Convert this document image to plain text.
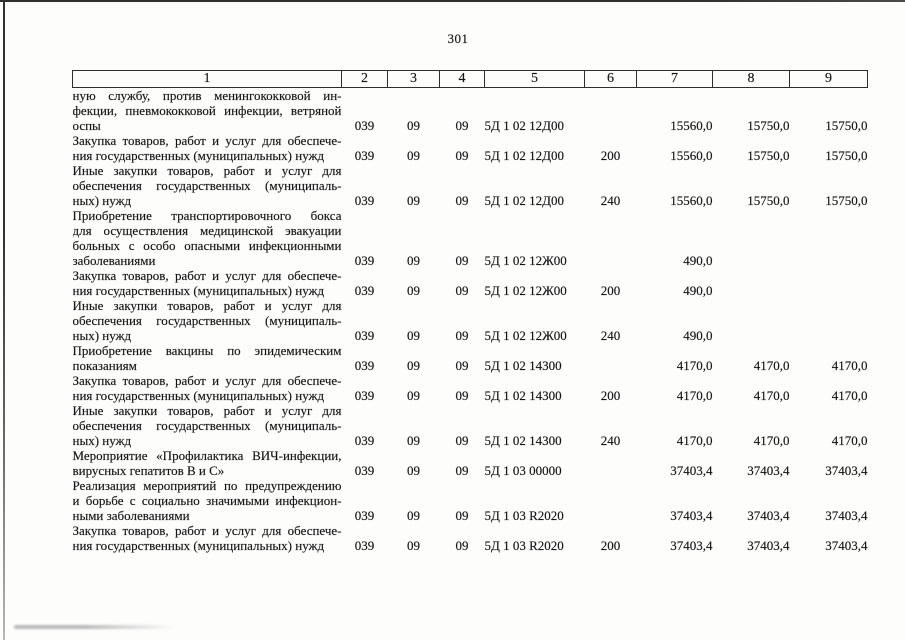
301
1	2	3	4	5	6	7	8	9

ную службу, против менингококковой ин-
фекции, пневмококковой инфекции, ветряной
оспы	039	09	09	5Д 1 02 12Д00		15560,0	15750,0	15750,0

Закупка товаров, работ и услуг для обеспече-
ния государственных (муниципальных) нужд	039	09	09	5Д 1 02 12Д00	200	15560,0	15750,0	15750,0

Иные закупки товаров, работ и услуг для
обеспечения государственных (муниципаль-
ных) нужд	039	09	09	5Д 1 02 12Д00	240	15560,0	15750,0	15750,0

Приобретение транспортировочного бокса
для осуществления медицинской эвакуации
больных с особо опасными инфекционными
заболеваниями	039	09	09	5Д 1 02 12Ж00		490,0		

Закупка товаров, работ и услуг для обеспече-
ния государственных (муниципальных) нужд	039	09	09	5Д 1 02 12Ж00	200	490,0		

Иные закупки товаров, работ и услуг для
обеспечения государственных (муниципаль-
ных) нужд	039	09	09	5Д 1 02 12Ж00	240	490,0		

Приобретение вакцины по эпидемическим
показаниям	039	09	09	5Д 1 02 14300		4170,0	4170,0	4170,0

Закупка товаров, работ и услуг для обеспече-
ния государственных (муниципальных) нужд	039	09	09	5Д 1 02 14300	200	4170,0	4170,0	4170,0

Иные закупки товаров, работ и услуг для
обеспечения государственных (муниципаль-
ных) нужд	039	09	09	5Д 1 02 14300	240	4170,0	4170,0	4170,0

Мероприятие «Профилактика ВИЧ-инфекции,
вирусных гепатитов В и С»	039	09	09	5Д 1 03 00000		37403,4	37403,4	37403,4

Реализация мероприятий по предупреждению
и борьбе с социально значимыми инфекцион-
ными заболеваниями	039	09	09	5Д 1 03 R2020		37403,4	37403,4	37403,4

Закупка товаров, работ и услуг для обеспече-
ния государственных (муниципальных) нужд	039	09	09	5Д 1 03 R2020	200	37403,4	37403,4	37403,4
